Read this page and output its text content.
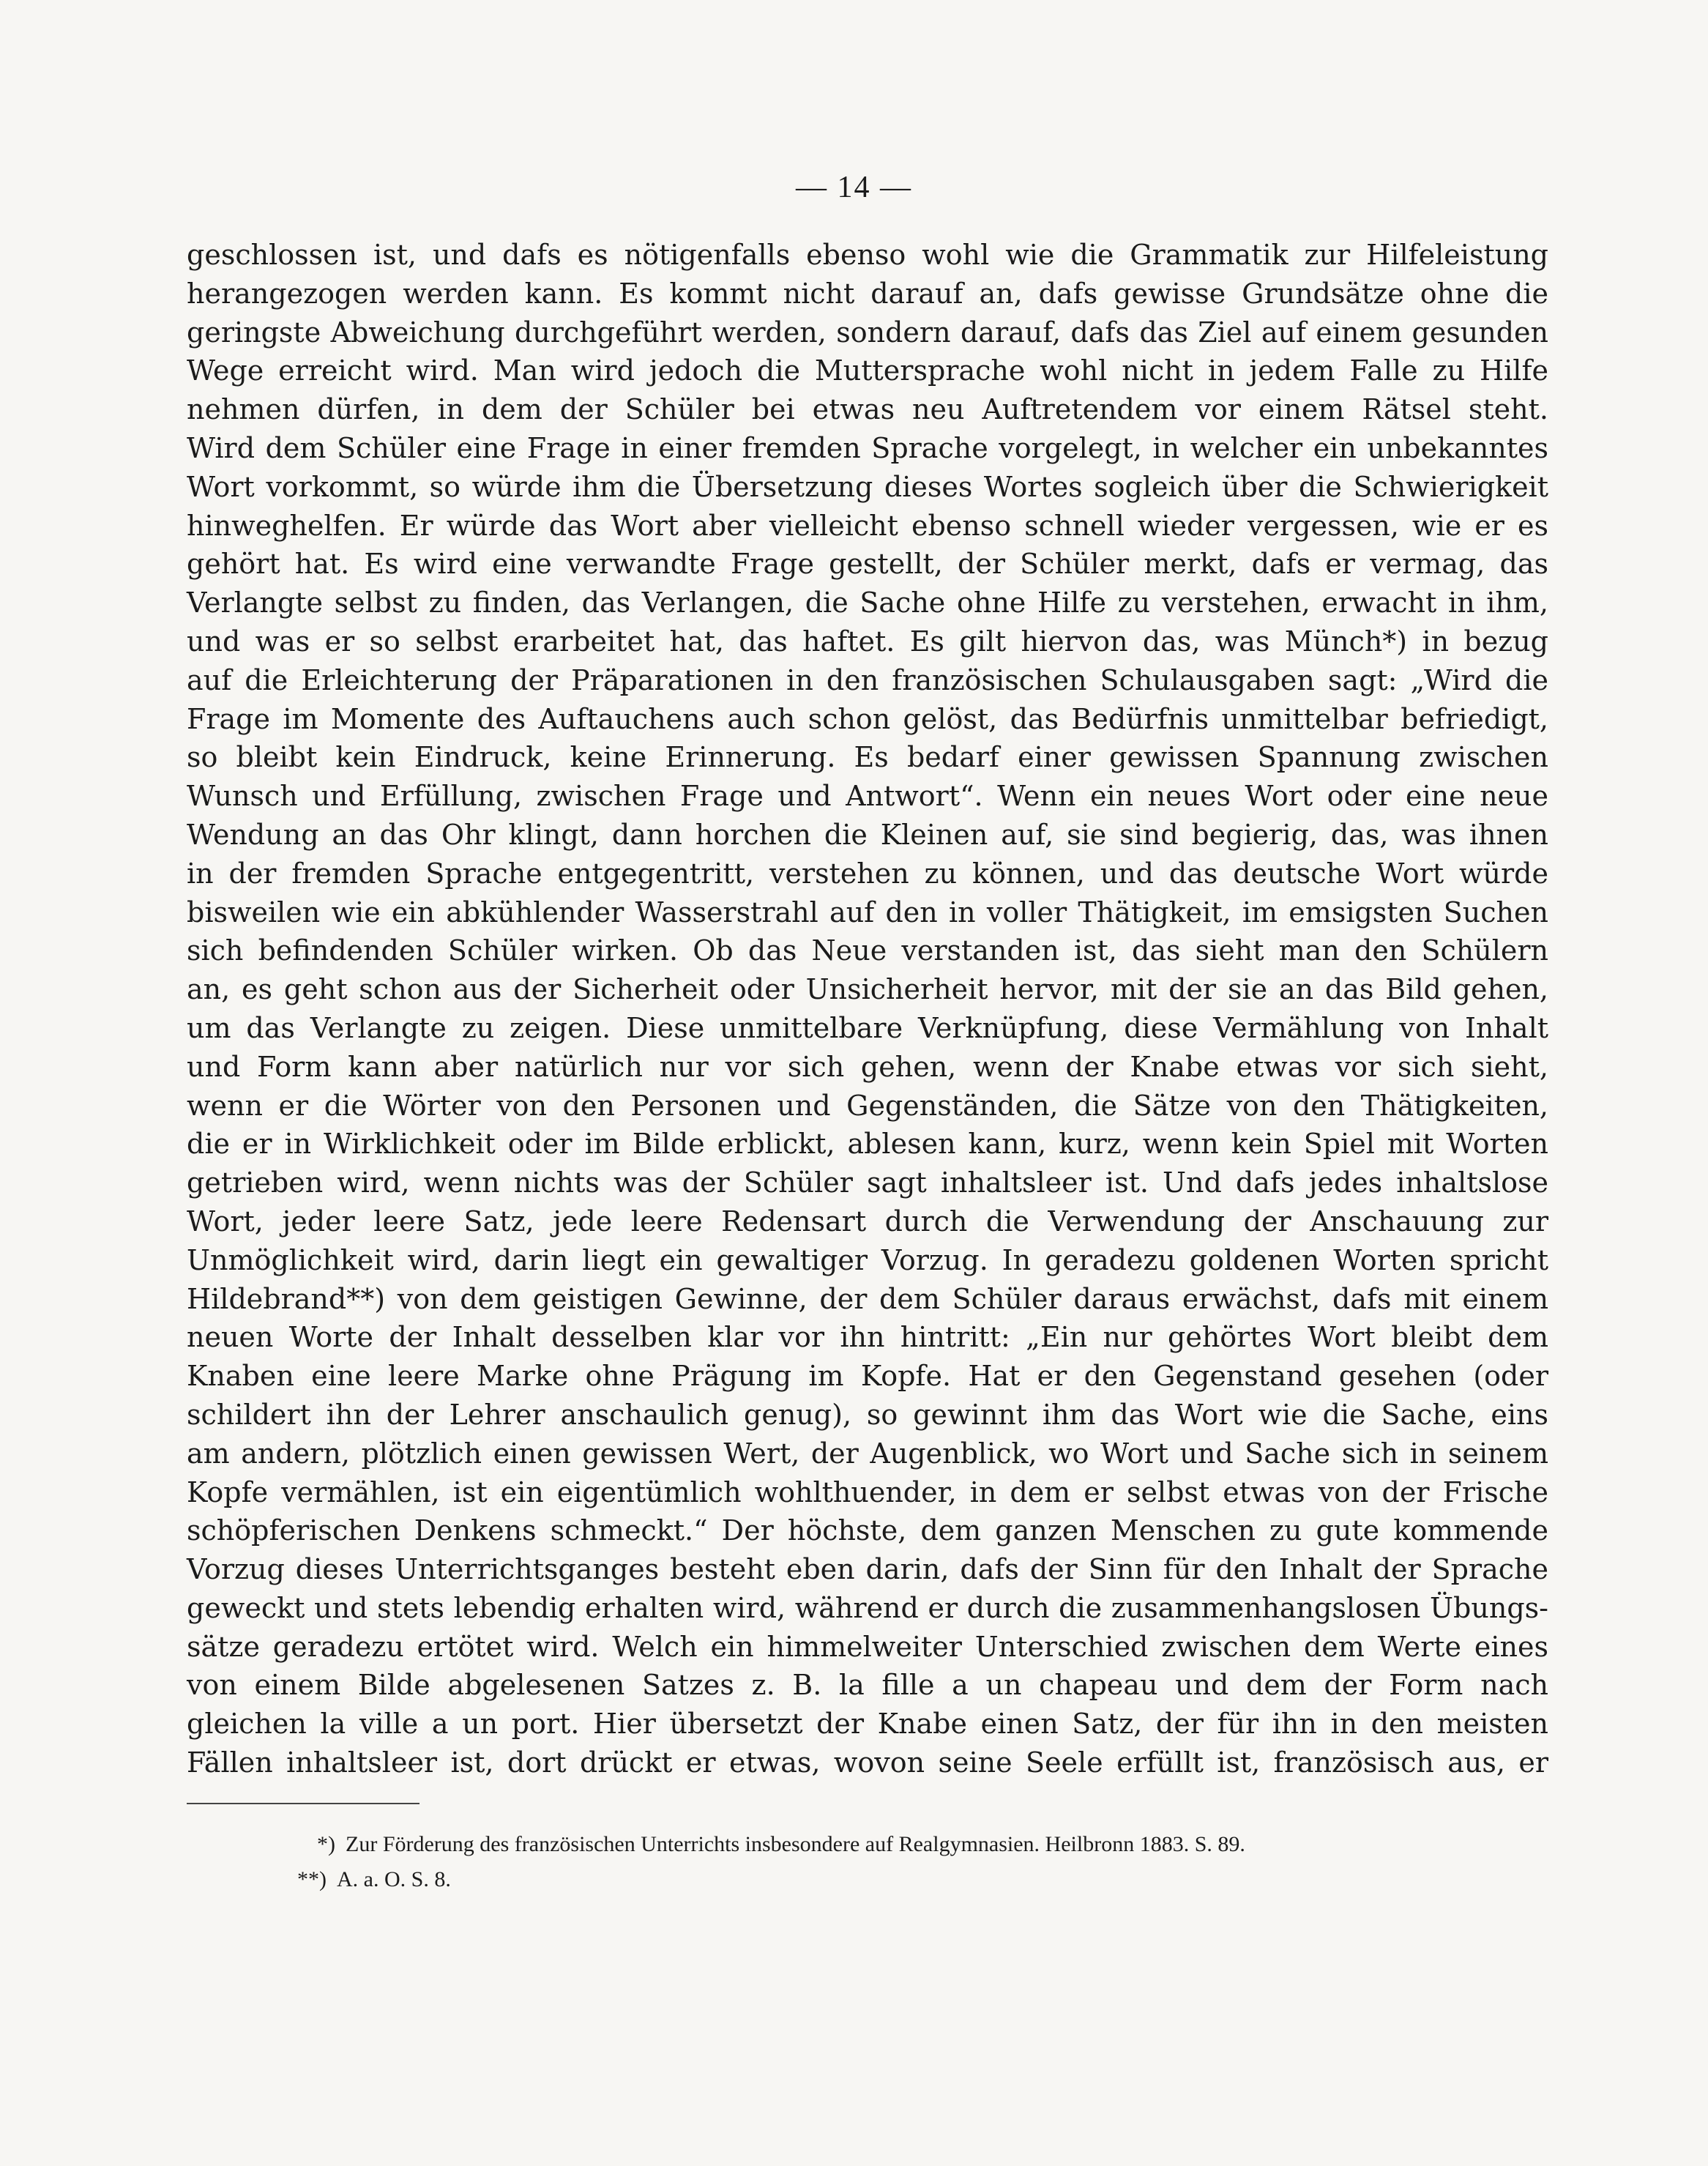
— 14 —
geschlossen ist, und dafs es nötigenfalls ebenso wohl wie die Grammatik zur Hilfeleistung
herangezogen werden kann. Es kommt nicht darauf an, dafs gewisse Grundsätze ohne die
geringste Abweichung durchgeführt werden, sondern darauf, dafs das Ziel auf einem gesunden
Wege erreicht wird. Man wird jedoch die Muttersprache wohl nicht in jedem Falle zu Hilfe
nehmen dürfen, in dem der Schüler bei etwas neu Auftretendem vor einem Rätsel steht.
Wird dem Schüler eine Frage in einer fremden Sprache vorgelegt, in welcher ein unbekanntes
Wort vorkommt, so würde ihm die Übersetzung dieses Wortes sogleich über die Schwierigkeit
hinweghelfen. Er würde das Wort aber vielleicht ebenso schnell wieder vergessen, wie er es
gehört hat. Es wird eine verwandte Frage gestellt, der Schüler merkt, dafs er vermag, das
Verlangte selbst zu finden, das Verlangen, die Sache ohne Hilfe zu verstehen, erwacht in ihm,
und was er so selbst erarbeitet hat, das haftet. Es gilt hiervon das, was Münch*) in bezug
auf die Erleichterung der Präparationen in den französischen Schulausgaben sagt: „Wird die
Frage im Momente des Auftauchens auch schon gelöst, das Bedürfnis unmittelbar befriedigt,
so bleibt kein Eindruck, keine Erinnerung. Es bedarf einer gewissen Spannung zwischen
Wunsch und Erfüllung, zwischen Frage und Antwort“. Wenn ein neues Wort oder eine neue
Wendung an das Ohr klingt, dann horchen die Kleinen auf, sie sind begierig, das, was ihnen
in der fremden Sprache entgegentritt, verstehen zu können, und das deutsche Wort würde
bisweilen wie ein abkühlender Wasserstrahl auf den in voller Thätigkeit, im emsigsten Suchen
sich befindenden Schüler wirken. Ob das Neue verstanden ist, das sieht man den Schülern
an, es geht schon aus der Sicherheit oder Unsicherheit hervor, mit der sie an das Bild gehen,
um das Verlangte zu zeigen. Diese unmittelbare Verknüpfung, diese Vermählung von Inhalt
und Form kann aber natürlich nur vor sich gehen, wenn der Knabe etwas vor sich sieht,
wenn er die Wörter von den Personen und Gegenständen, die Sätze von den Thätigkeiten,
die er in Wirklichkeit oder im Bilde erblickt, ablesen kann, kurz, wenn kein Spiel mit Worten
getrieben wird, wenn nichts was der Schüler sagt inhaltsleer ist. Und dafs jedes inhaltslose
Wort, jeder leere Satz, jede leere Redensart durch die Verwendung der Anschauung zur
Unmöglichkeit wird, darin liegt ein gewaltiger Vorzug. In geradezu goldenen Worten spricht
Hildebrand**) von dem geistigen Gewinne, der dem Schüler daraus erwächst, dafs mit einem
neuen Worte der Inhalt desselben klar vor ihn hintritt: „Ein nur gehörtes Wort bleibt dem
Knaben eine leere Marke ohne Prägung im Kopfe. Hat er den Gegenstand gesehen (oder
schildert ihn der Lehrer anschaulich genug), so gewinnt ihm das Wort wie die Sache, eins
am andern, plötzlich einen gewissen Wert, der Augenblick, wo Wort und Sache sich in seinem
Kopfe vermählen, ist ein eigentümlich wohlthuender, in dem er selbst etwas von der Frische
schöpferischen Denkens schmeckt.“ Der höchste, dem ganzen Menschen zu gute kommende
Vorzug dieses Unterrichtsganges besteht eben darin, dafs der Sinn für den Inhalt der Sprache
geweckt und stets lebendig erhalten wird, während er durch die zusammenhangslosen Übungs-
sätze geradezu ertötet wird. Welch ein himmelweiter Unterschied zwischen dem Werte eines
von einem Bilde abgelesenen Satzes z. B. la fille a un chapeau und dem der Form nach
gleichen la ville a un port. Hier übersetzt der Knabe einen Satz, der für ihn in den meisten
Fällen inhaltsleer ist, dort drückt er etwas, wovon seine Seele erfüllt ist, französisch aus, er
*) Zur Förderung des französischen Unterrichts insbesondere auf Realgymnasien. Heilbronn 1883. S. 89.
**) A. a. O. S. 8.
